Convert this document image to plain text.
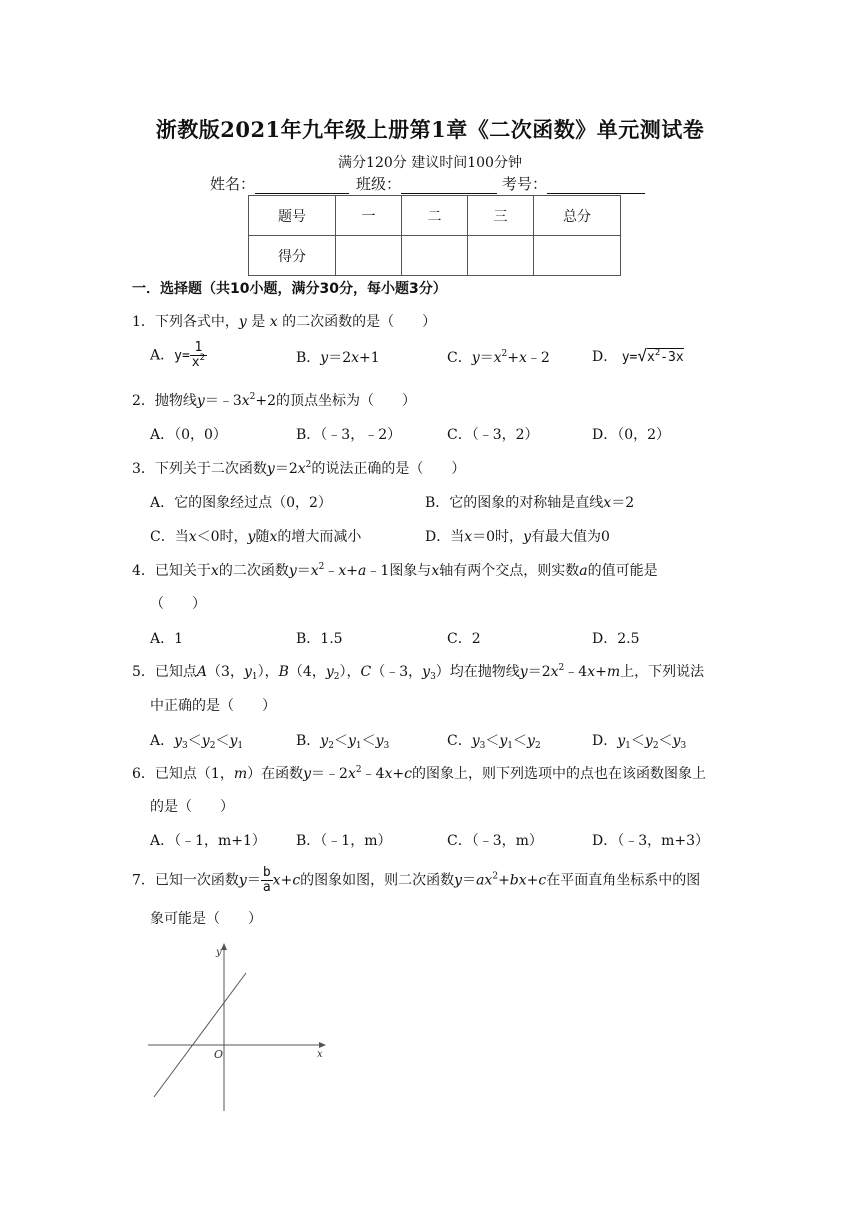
浙教版2021年九年级上册第1章《二次函数》单元测试卷
满分120分 建议时间100分钟
姓名：	班级：	考号：
题号	一	二	三	总分
得分				
一．选择题（共10小题，满分30分，每小题3分）
1．下列各式中，y 是 x 的二次函数的是（　　）
A．$y= \frac{1}{x^2}$	B．y＝2x+1	C．$y=x^2+x﹣2$	D． $y=√x^2-3x$
2．抛物线$y=﹣3x^2+2$的顶点坐标为（　　）
A．（0，0）	B．（﹣3，﹣2）	C．（﹣3，2）	D．（0，2）
3．下列关于二次函数$y=2x^2$的说法正确的是（　　）
A．它的图象经过点（0，2）	B．它的图象的对称轴是直线x＝2
C．当x＜0时，y随x的增大而减小	D．当x＝0时，y有最大值为0
4．已知关于x的二次函数$y=x^2﹣x+a﹣1$图象与x轴有两个交点，则实数a的值可能是
（　　）
A．1	B．1.5	C．2	D．2.5
5．已知点A（3，$y_1$），B（4，$y_2$），C（﹣3，$y_3$）均在抛物线$y=2x^2﹣4x+m$上，下列说法
中正确的是（　　）
A．$y_3<y_2<y_1$	B．$y_2<y_1<y_3$	C．$y_3<y_1<y_2$	D．$y_1<y_2<y_3$
6．已知点（1，m）在函数$y=﹣2x^2﹣4x+c$的图象上，则下列选项中的点也在该函数图象上
的是（　　）
A．（﹣1，m+1） B．（﹣1，m）	C．（﹣3，m）	D．（﹣3，m+3）
7．已知一次函数$y= \frac{b}{a} x+c$的图象如图，则二次函数$y=ax^2+bx+c$在平面直角坐标系中的图
象可能是（　　）
y
x
O
